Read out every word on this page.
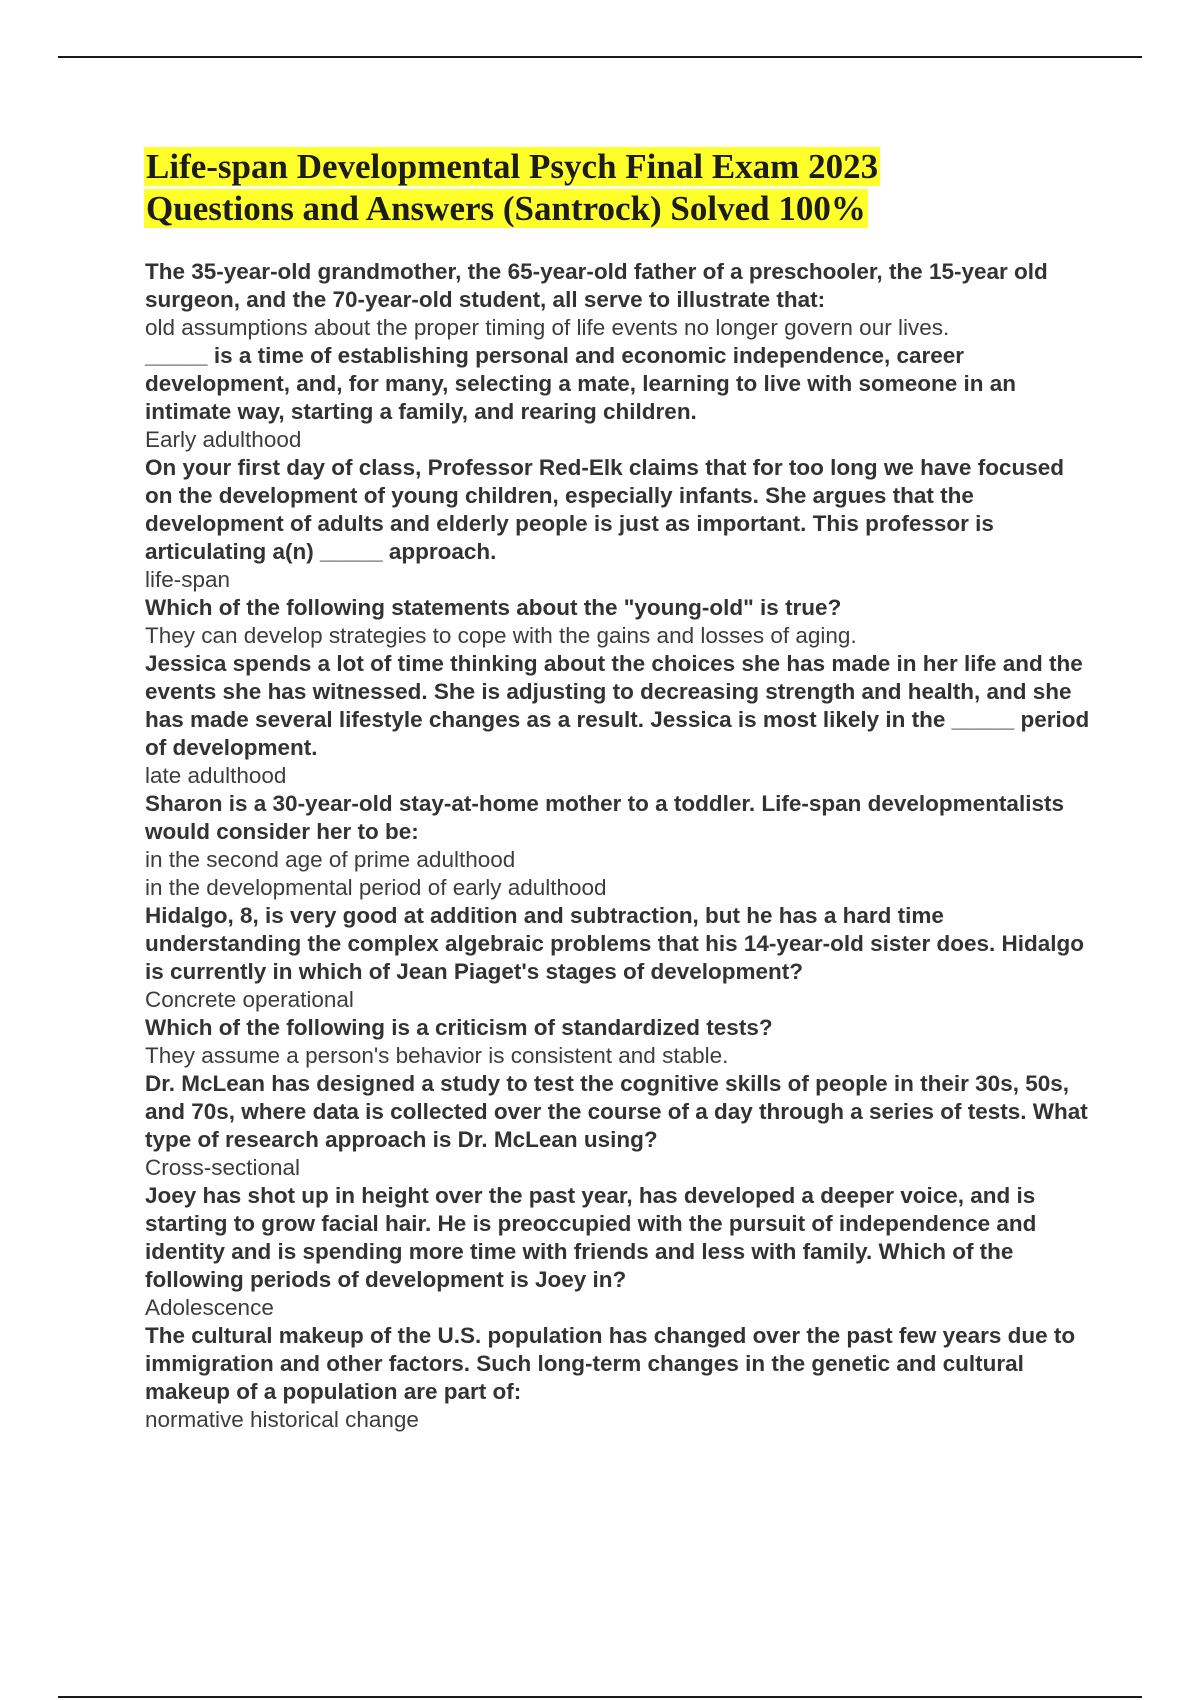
Life-span Developmental Psych Final Exam 2023
Questions and Answers (Santrock) Solved 100%

The 35-year-old grandmother, the 65-year-old father of a preschooler, the 15-year old surgeon, and the 70-year-old student, all serve to illustrate that:

old assumptions about the proper timing of life events no longer govern our lives.

_____ is a time of establishing personal and economic independence, career development, and, for many, selecting a mate, learning to live with someone in an intimate way, starting a family, and rearing children.

Early adulthood

On your first day of class, Professor Red-Elk claims that for too long we have focused on the development of young children, especially infants. She argues that the development of adults and elderly people is just as important. This professor is articulating a(n) _____ approach.

life-span

Which of the following statements about the "young-old" is true?

They can develop strategies to cope with the gains and losses of aging.

Jessica spends a lot of time thinking about the choices she has made in her life and the events she has witnessed. She is adjusting to decreasing strength and health, and she has made several lifestyle changes as a result. Jessica is most likely in the _____ period of development.

late adulthood

Sharon is a 30-year-old stay-at-home mother to a toddler. Life-span developmentalists would consider her to be:

in the second age of prime adulthood

in the developmental period of early adulthood

Hidalgo, 8, is very good at addition and subtraction, but he has a hard time understanding the complex algebraic problems that his 14-year-old sister does. Hidalgo is currently in which of Jean Piaget's stages of development?

Concrete operational

Which of the following is a criticism of standardized tests?

They assume a person's behavior is consistent and stable.

Dr. McLean has designed a study to test the cognitive skills of people in their 30s, 50s, and 70s, where data is collected over the course of a day through a series of tests. What type of research approach is Dr. McLean using?

Cross-sectional

Joey has shot up in height over the past year, has developed a deeper voice, and is starting to grow facial hair. He is preoccupied with the pursuit of independence and identity and is spending more time with friends and less with family. Which of the following periods of development is Joey in?

Adolescence

The cultural makeup of the U.S. population has changed over the past few years due to immigration and other factors. Such long-term changes in the genetic and cultural makeup of a population are part of:

normative historical change
